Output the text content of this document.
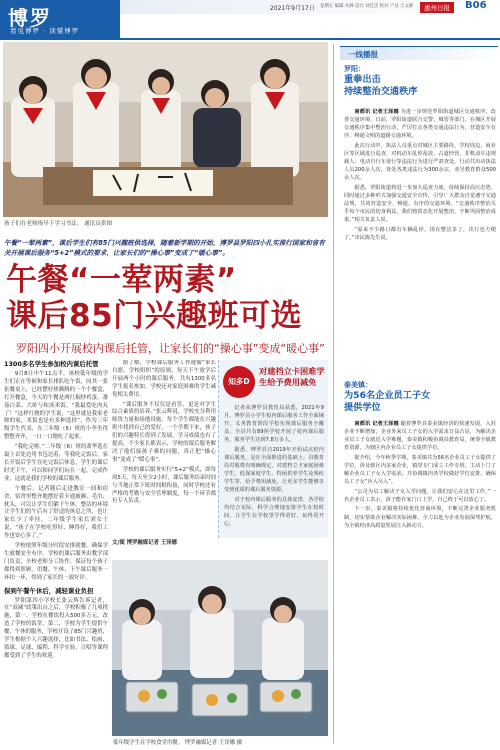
博罗
看见博罗 · 读懂博罗
2021年9月17日 星期五 编辑 关林 设计 刘佳杰 校对 产及 王文静	惠州日报	B06
孩子们在老师指导下学习书法。 通讯员供图
午餐“一荤两素”，课后学生们有85门兴趣班供选择，随着新学期的开始，博罗县罗阳四小扎实推行国家和省有关开展课后服务“5+2”模式的要求，让家长们的“操心事”变成了“暖心事”。
午餐“一荤两素”
课后85门兴趣班可选
罗阳四小开展校内课后托管，让家长们的“操心事”变成“暖心事”
1300多名学生参加校内课后托管

9月8日中午11点半，该校低年级的学生们正在等候和家长排队吃午饭，同其一张张餐桌上，已经摆好热腾腾的一个个餐盒，打开餐盒，今天的午餐是两红焖炒鸡蛋、番茄白菜、大虾与和汤米饭。“我最爱吃肉丸了！”这样红烧的学生说，“这里就是我家老师的家，米饭也是有多种选择”，作为三年级学生代表，在三年级（5）班的小李坐得整整齐齐，一口一口地吃了起来。

“我吃完啦。”二年级（6）班的萧华选在最上首处边用书包边着，等我吃完饭后，家长开饭后学生在吃完饭后休息，学生的课后时光下午，可以和同学们玩在一起，完成作业，这就是我们学校的课后服务。

午餐后，记者随后走进教室一间和宿舍，宿舍里整齐地摆好着卡通被褥、毛巾、枕头，可以让学生们躺下午休，整洁的环境让学生们的午后有了舒适的休息之所，也让家长少了牵挂，二年级学生家长刘女士说，“孩子在学校吃得好、睡得好，我们工作也安心多了。”

学校按照年级分时段安排就餐，确保学生就餐安全有序。学校的课后服务由教学部门负责，全校老师分工协作，保证每个孩子都得到照顾，用餐、午休、下午课后服务一环扣一环，得到了家长的一致好评。

保到午餐午休后，减轻课业负担

罗阳第四小学校长张云辉告诉记者，在“双减”政策出台之后，学校积极了几项措施，第一，学校在餐饮投入500多万元，改造了学校的饭堂，第二，学校为学生提供午餐、午休的服务，学校开设了85门兴趣班，学生根据个人兴趣选择，比如书法、绘画、篮球、足球、编程、科学实验、合唱等课程都受到了学生的欢迎。

据了解，学校课后服务工作遵循“家长自愿，学校组织”的原则，每天下午放学后开展两个小时的课后服务，共有1300多名学生报名参加。学校还对家庭困难的学生减免相关费用。

“课后服务不仅仅是看管，更是对学生综合素质的培养。”张云辉说，学校充分利用师资力量和场地设施，每个学生都能在兴趣班中找到自己的爱好，一个学期下来，孩子们的兴趣特长得到了发展，学习成绩也有了提高，不少家长都表示，学校的课后服务解决了他们接孩子难的问题，真正把“操心事”变成了“暖心事”。

学校的课后服务实行“5+2”模式，即每周5天、每天至少2小时，课后服务结束时间与当地正常下班时间相衔接，同时学校还有严格的考勤与安全管理制度，每一个环节都有专人负责。

文/图 博罗融媒记者 王泽娜
知多D
对建档立卡困难学生给予费用减免

记者从博罗县教育局获悉，2021年9月，博罗县小学生校内课后服务工作全面铺开，义务教育阶段学校实现课后服务全覆盖，全县共有89所学校开展了校内课后服务，服务学生达到7.8万多人。

据悉，博罗县自2019年开始试点校内课后服务，是在全面推进的基础上。县教育局对收费有明确规定，对建档立卡家庭困难学生、低保家庭学生、特困供养学生及残疾学生等，给予费用减免，让更多学生能够享受到优质的课后服务资源。

对于校内课后服务的具体安排，各学校均结合实际，科学合理地安排学生在校时间，让学生在学校里学得更好、玩得更开心。

低年级学生在学校食堂用餐。 博罗融媒记者 王泽娜 摄
一线播报
罗阳：
重拳出击
持续整治交通秩序

南都讯 记者王泽娜 为进一步规范罗阳街道城区交通秩序，改善交通环境，日前，罗阳街道联合交警、城管等部门，在城区开展交通秩序集中整治行动，严厉打击各类交通违法行为，营造安全有序、畅通文明的道路交通环境。

此次行动中，执法人员重点对城区主要路段、学校周边、商业区等区域进行巡查，对机动车乱停乱放、占道经营、非机动车违规载人、电动自行车逆行等违法行为进行严肃查处。行动共出动执法人员200余人次，查处各类违法行为300余宗，劝导教育群众500余人次。

据悉，罗阳街道将进一步加大巡查力度，持续保持高压态势，同时通过多种形式加强交通安全宣传，引导广大群众自觉遵守交通法规，共同营造安全、畅通、有序的交通环境。“交通秩序整治关乎每个市民的切身利益，我们将常态化开展整治，不断巩固整治成果。”相关负责人说。

“原来不少路口都有车辆乱停，现在整洁多了，出行也方便了。”市民陈先生说。

泰美镇：
为56名企业员工子女
提供学位

南都讯 记者王泽娜 随着博罗县泰美镇经济的快速发展，入驻企业不断增加，企业外来员工子女的入学需求日益凸显，为解决企业员工子女就近入学难题，泰美镇积极协调县教育局，统筹全镇教育资源，为辖区内企业员工子女提供学位。

据介绍，今年秋季学期，泰美镇共为56名企业员工子女提供了学位，涉及辖区内多家企业，镇里专门成立工作专班，主动上门了解企业员工子女入学需求，并协调镇内各学校做好学位安排，确保员工子女“应入尽入”。

“公司为员工解决子女入学问题，让我们安心在这里工作。”一名企业员工表示，孩子能在家门口上学，自己终于可以放心了。

下一步，泰美镇将持续优化营商环境，不断完善企业服务机制，切实帮助企业解决实际困难，全力以赴为企业发展保驾护航，为全镇经济高质量发展注入新动力。
